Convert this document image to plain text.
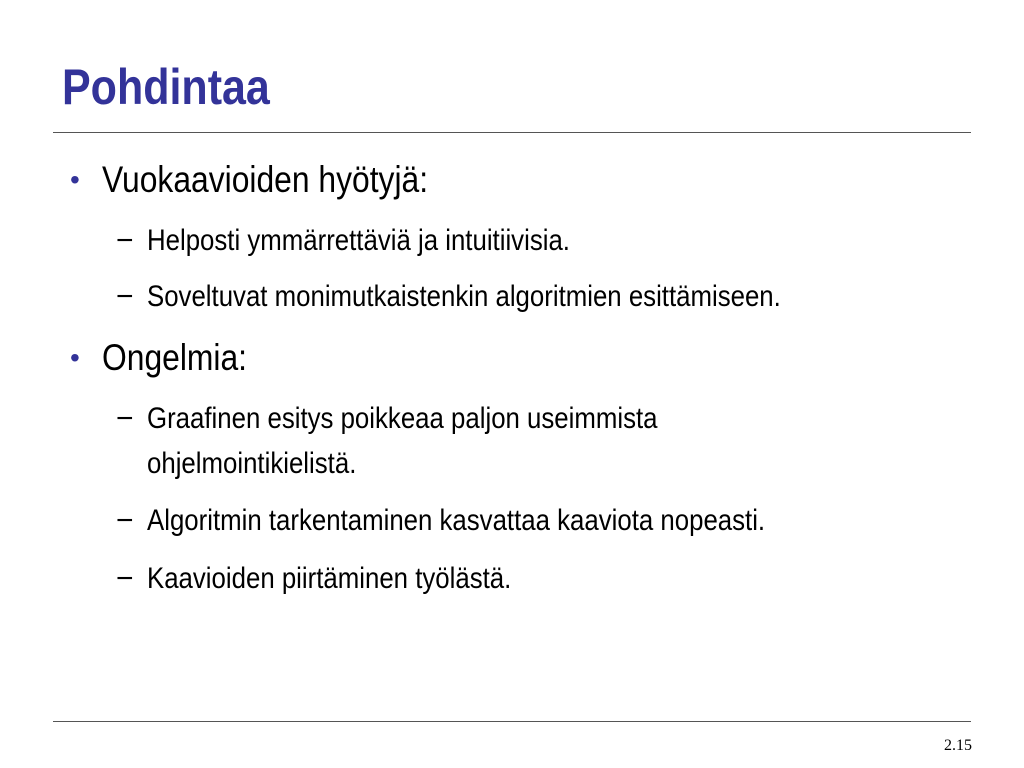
Pohdintaa
• Vuokaavioiden hyötyjä:
− Helposti ymmärrettäviä ja intuitiivisia.
− Soveltuvat monimutkaistenkin algoritmien esittämiseen.
• Ongelmia:
− Graafinen esitys poikkeaa paljon useimmista ohjelmointikielistä.
− Algoritmin tarkentaminen kasvattaa kaaviota nopeasti.
− Kaavioiden piirtäminen työlästä.
2.15
